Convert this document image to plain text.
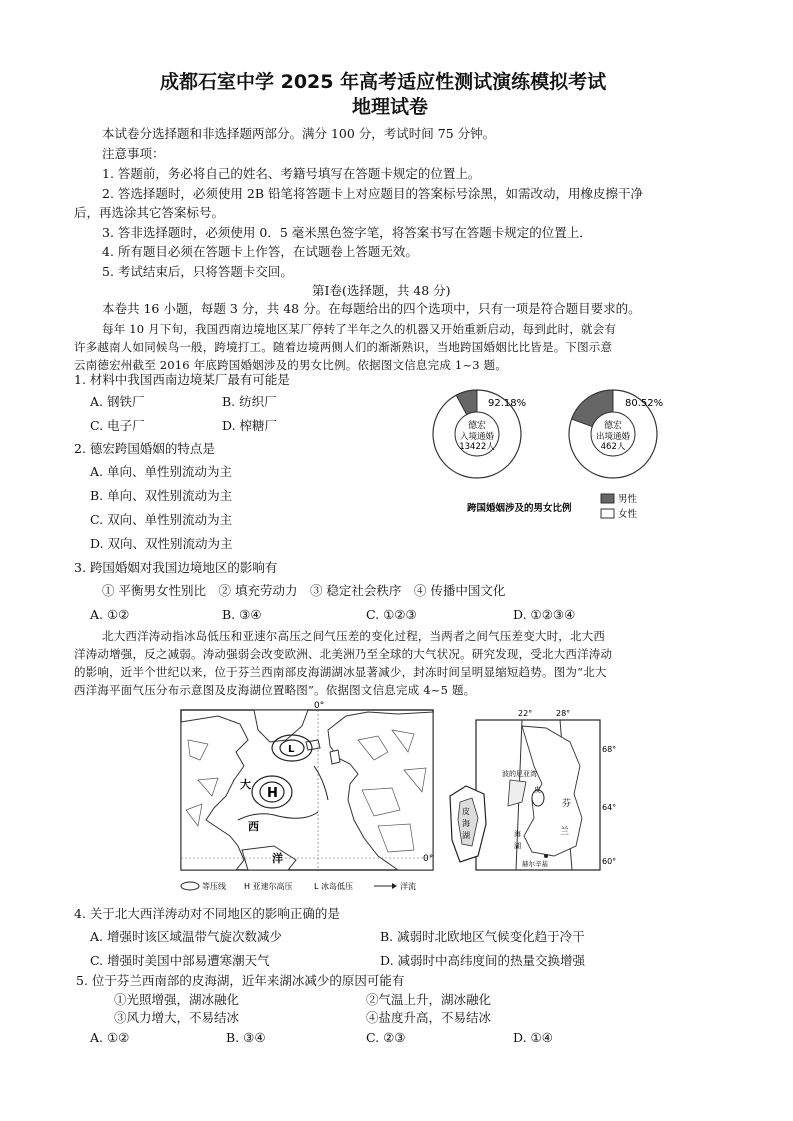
成都石室中学 2025 年高考适应性测试演练模拟考试
地理试卷
本试卷分选择题和非选择题两部分。满分 100 分，考试时间 75 分钟。
注意事项：
1. 答题前，务必将自己的姓名、考籍号填写在答题卡规定的位置上。
2. 答选择题时，必须使用 2B 铅笔将答题卡上对应题目的答案标号涂黑，如需改动，用橡皮擦干净
后，再选涂其它答案标号。
3. 答非选择题时，必须使用 0．5 毫米黑色签字笔，将答案书写在答题卡规定的位置上．
4. 所有题目必须在答题卡上作答，在试题卷上答题无效。
5. 考试结束后，只将答题卡交回。
第Ⅰ卷(选择题，共 48 分)
本卷共 16 小题，每题 3 分，共 48 分。在每题给出的四个选项中，只有一项是符合题目要求的。
每年 10 月下旬，我国西南边境地区某厂停转了半年之久的机器又开始重新启动，每到此时，就会有
许多越南人如同候鸟一般，跨境打工。随着边境两侧人们的渐渐熟识，当地跨国婚姻比比皆是。下图示意
云南德宏州截至 2016 年底跨国婚姻涉及的男女比例。依据图文信息完成 1~3 题。
1. 材料中我国西南边境某厂最有可能是
A. 钢铁厂	B. 纺织厂
C. 电子厂	D. 榨糖厂
2. 德宏跨国婚姻的特点是
A. 单向、单性别流动为主
B. 单向、双性别流动为主
C. 双向、单性别流动为主
D. 双向、双性别流动为主
3. 跨国婚姻对我国边境地区的影响有
① 平衡男女性别比　② 填充劳动力　③ 稳定社会秩序　④ 传播中国文化
A. ①②	B. ③④	C. ①②③	D. ①②③④
92.18%
德宏
入境通婚
13422人
80.52%
德宏
出境通婚
462人
跨国婚姻涉及的男女比例
男性
女性
北大西洋涛动指冰岛低压和亚速尔高压之间气压差的变化过程，当两者之间气压差变大时，北大西
洋涛动增强，反之减弱。涛动强弱会改变欧洲、北美洲乃至全球的大气状况。研究发现，受北大西洋涛动
的影响，近半个世纪以来，位于芬兰西南部皮海湖湖冰显著减少，封冻时间呈明显缩短趋势。图为“北大
西洋海平面气压分布示意图及皮海湖位置略图”。依据图文信息完成 4~5 题。
0°
0°
L
H
大
西
洋
等压线 H 亚速尔高压	L 冰岛低压	洋流
22°	28°
68°
64°
60°
波的尼亚湾
芬
兰
皮
海
湖
皮
海
湖
赫尔辛基
4. 关于北大西洋涛动对不同地区的影响正确的是
A. 增强时该区域温带气旋次数减少	B. 减弱时北欧地区气候变化趋于冷干
C. 增强时美国中部易遭寒潮天气	D. 减弱时中高纬度间的热量交换增强
5. 位于芬兰西南部的皮海湖，近年来湖冰减少的原因可能有
①光照增强，湖冰融化	②气温上升，湖冰融化
③风力增大，不易结冰	④盐度升高，不易结冰
A. ①②	B. ③④	C. ②③	D. ①④
